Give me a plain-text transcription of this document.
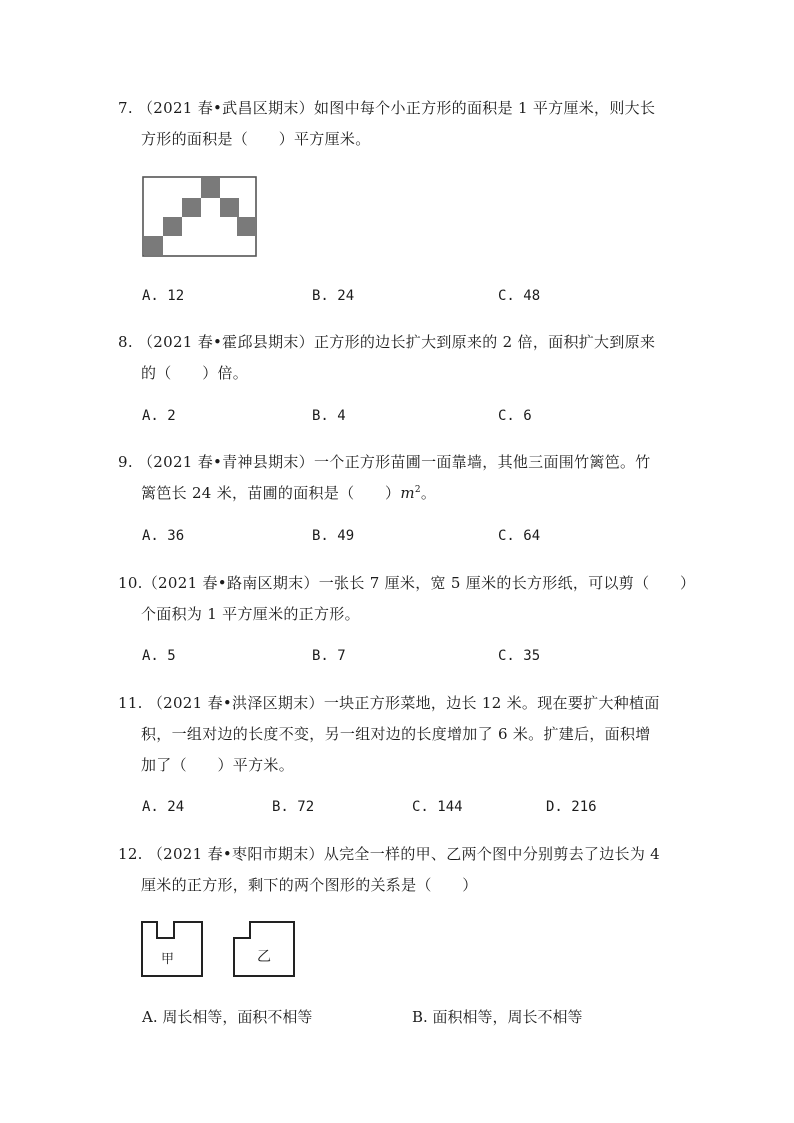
7. （2021 春•武昌区期末）如图中每个小正方形的面积是 1 平方厘米，则大长
方形的面积是（　　）平方厘米。
A. 12	B. 24	C. 48
8. （2021 春•霍邱县期末）正方形的边长扩大到原来的 2 倍，面积扩大到原来
的（　　）倍。
A. 2	B. 4	C. 6
9. （2021 春•青神县期末）一个正方形苗圃一面靠墙，其他三面围竹篱笆。竹
篱笆长 24 米，苗圃的面积是（　　）$m^2$。
A. 36	B. 49	C. 64
10.（2021 春•路南区期末）一张长 7 厘米，宽 5 厘米的长方形纸，可以剪（　　）
个面积为 1 平方厘米的正方形。
A. 5	B. 7	C. 35
11. （2021 春•洪泽区期末）一块正方形菜地，边长 12 米。现在要扩大种植面
积，一组对边的长度不变，另一组对边的长度增加了 6 米。扩建后，面积增
加了（　　）平方米。
A. 24	B. 72	C. 144	D. 216
12. （2021 春•枣阳市期末）从完全一样的甲、乙两个图中分别剪去了边长为 4
厘米的正方形，剩下的两个图形的关系是（　　）
甲	乙
A. 周长相等，面积不相等	B. 面积相等，周长不相等
